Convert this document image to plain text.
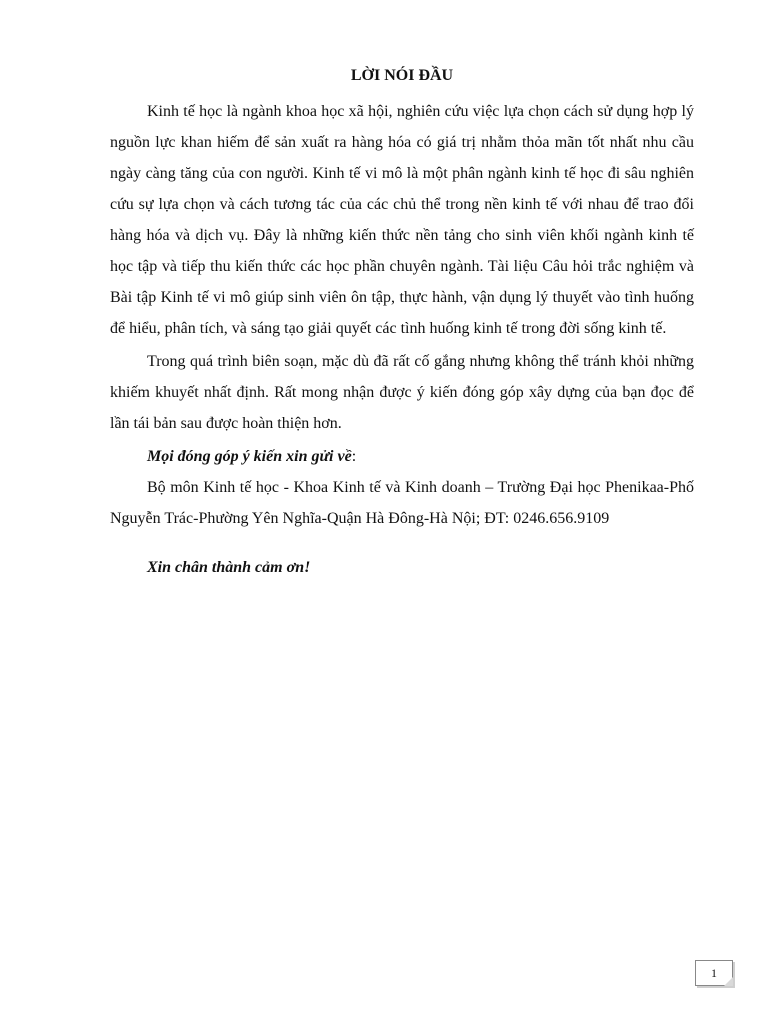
LỜI NÓI ĐẦU

Kinh tế học là ngành khoa học xã hội, nghiên cứu việc lựa chọn cách sử dụng hợp lý nguồn lực khan hiếm để sản xuất ra hàng hóa có giá trị nhằm thỏa mãn tốt nhất nhu cầu ngày càng tăng của con người. Kinh tế vi mô là một phân ngành kinh tế học đi sâu nghiên cứu sự lựa chọn và cách tương tác của các chủ thể trong nền kinh tế với nhau để trao đổi hàng hóa và dịch vụ. Đây là những kiến thức nền tảng cho sinh viên khối ngành kinh tế học tập và tiếp thu kiến thức các học phần chuyên ngành. Tài liệu Câu hỏi trắc nghiệm và Bài tập Kinh tế vi mô giúp sinh viên ôn tập, thực hành, vận dụng lý thuyết vào tình huống để hiểu, phân tích, và sáng tạo giải quyết các tình huống kinh tế trong đời sống kinh tế.

Trong quá trình biên soạn, mặc dù đã rất cố gắng nhưng không thể tránh khỏi những khiếm khuyết nhất định. Rất mong nhận được ý kiến đóng góp xây dựng của bạn đọc để lần tái bản sau được hoàn thiện hơn.

Mọi đóng góp ý kiến xin gửi về:

Bộ môn Kinh tế học - Khoa Kinh tế và Kinh doanh – Trường Đại học Phenikaa-Phố Nguyễn Trác-Phường Yên Nghĩa-Quận Hà Đông-Hà Nội; ĐT: 0246.656.9109

Xin chân thành cảm ơn!

1
